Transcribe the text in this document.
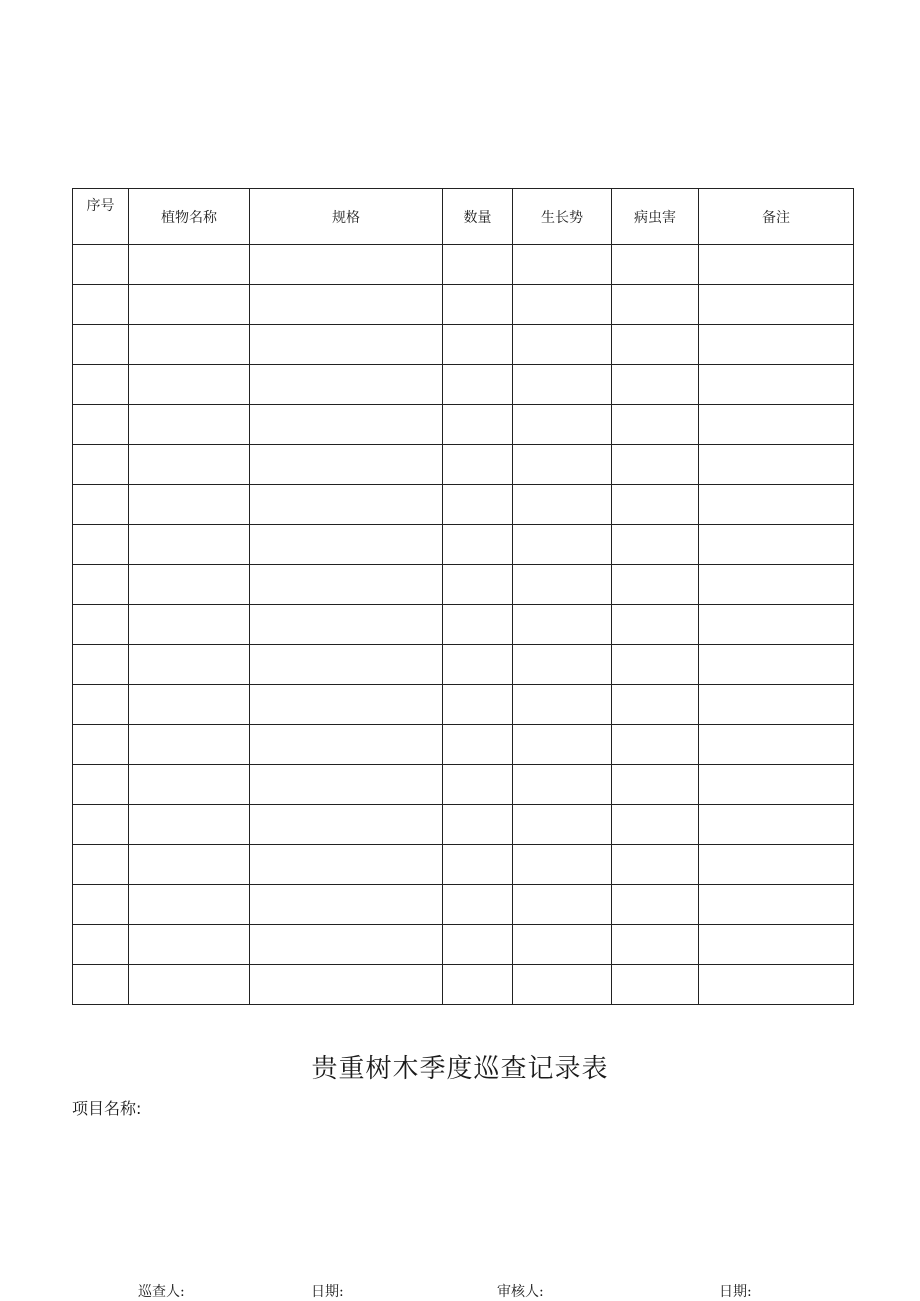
序号	植物名称	规格	数量	生长势	病虫害	备注

贵重树木季度巡查记录表
项目名称:
巡查人:	日期:	审核人:	日期:
